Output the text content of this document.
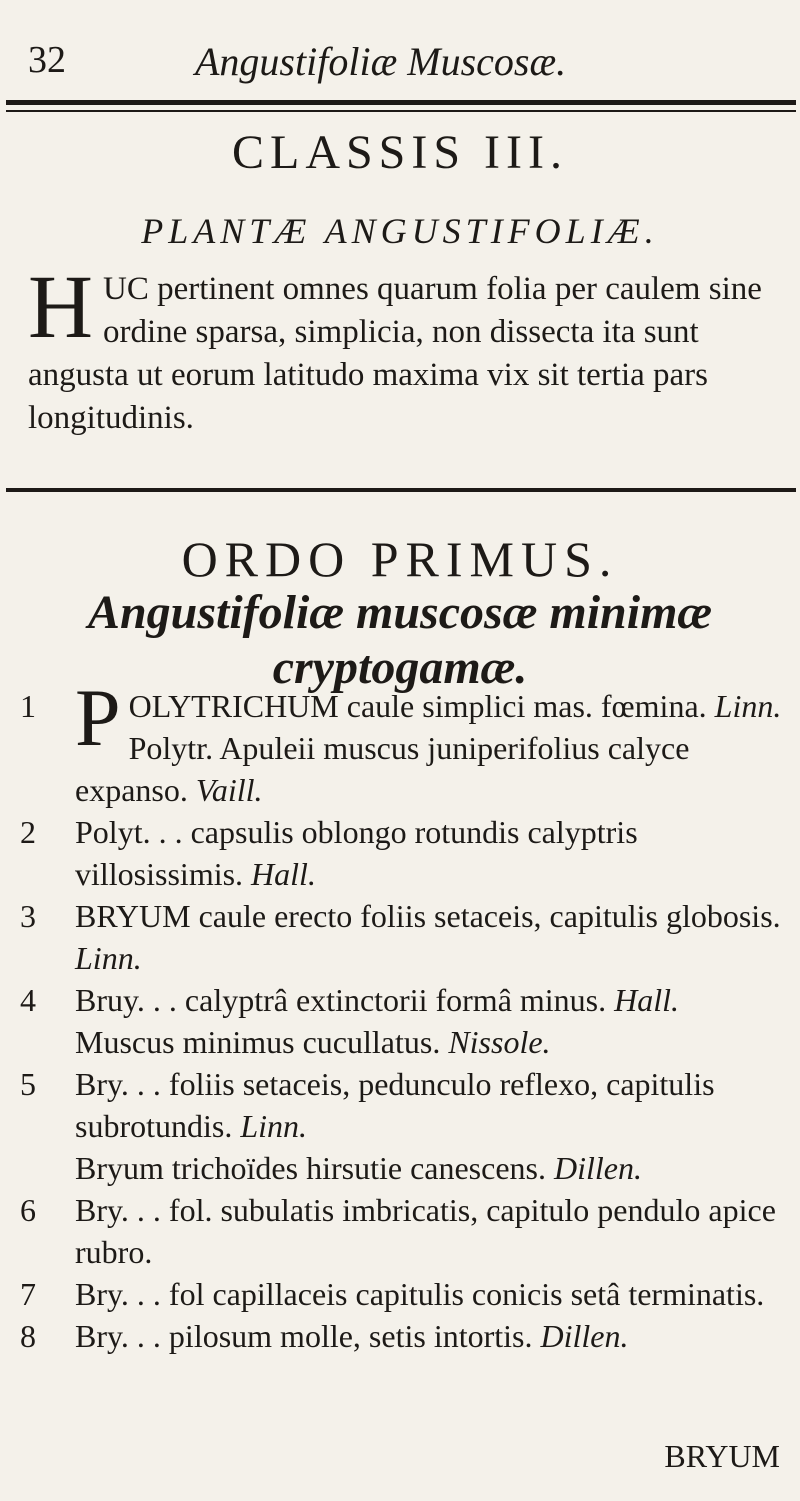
32	Angustifoliæ Muscosæ.
CLASSIS III.
PLANTÆ ANGUSTIFOLIÆ.
H UC pertinent omnes quarum folia per caulem sine ordine sparsa, simplicia, non dissecta ita sunt angusta ut eorum latitudo maxima vix sit tertia pars longitudinis.
ORDO PRIMUS.
Angustifoliæ muscosæ minimæ
cryptogamæ.
1 P OLYTRICHUM caule simplici mas. fœmina. Linn. Polytr. Apuleii muscus juniperifolius calyce expanso. Vaill.
2	Polyt. . . capsulis oblongo rotundis calyptris villosissimis. Hall.
3	BRYUM caule erecto foliis setaceis, capitulis globosis. Linn.
4	Bruy. . . calyptrâ extinctorii formâ minus. Hall.
Muscus minimus cucullatus. Nissole.
5	Bry. . . foliis setaceis, pedunculo reflexo, capitulis subrotundis. Linn.
Bryum trichoïdes hirsutie canescens. Dillen.
6	Bry. . . fol. subulatis imbricatis, capitulo pendulo apice rubro.
7	Bry. . . fol capillaceis capitulis conicis setâ terminatis.
8	Bry. . . pilosum molle, setis intortis. Dillen.
BRYUM
